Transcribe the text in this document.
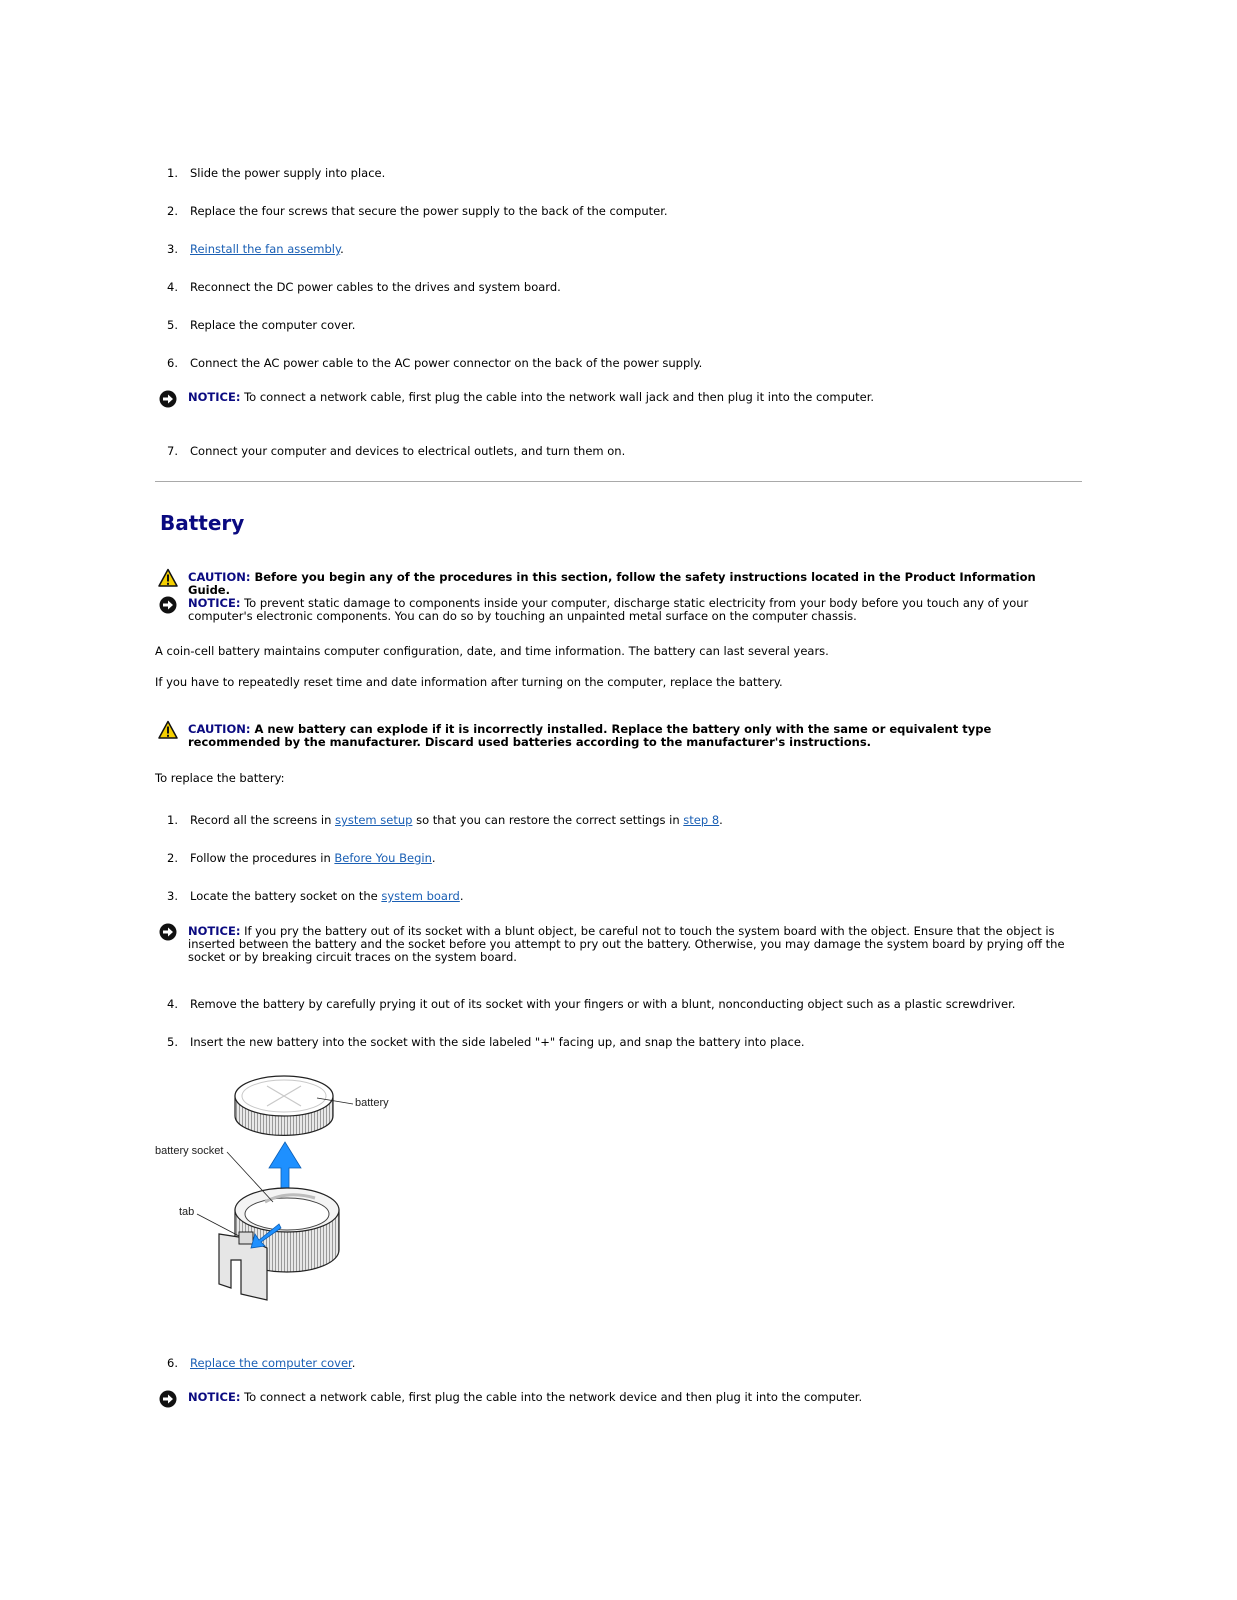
1. Slide the power supply into place.
2. Replace the four screws that secure the power supply to the back of the computer.
3. Reinstall the fan assembly.
4. Reconnect the DC power cables to the drives and system board.
5. Replace the computer cover.
6. Connect the AC power cable to the AC power connector on the back of the power supply.
NOTICE: To connect a network cable, first plug the cable into the network wall jack and then plug it into the computer.
7. Connect your computer and devices to electrical outlets, and turn them on.
Battery
CAUTION: Before you begin any of the procedures in this section, follow the safety instructions located in the Product Information Guide.
NOTICE: To prevent static damage to components inside your computer, discharge static electricity from your body before you touch any of your computer's electronic components. You can do so by touching an unpainted metal surface on the computer chassis.
A coin-cell battery maintains computer configuration, date, and time information. The battery can last several years.
If you have to repeatedly reset time and date information after turning on the computer, replace the battery.
CAUTION: A new battery can explode if it is incorrectly installed. Replace the battery only with the same or equivalent type recommended by the manufacturer. Discard used batteries according to the manufacturer's instructions.
To replace the battery:
1. Record all the screens in system setup so that you can restore the correct settings in step 8.
2. Follow the procedures in Before You Begin.
3. Locate the battery socket on the system board.
NOTICE: If you pry the battery out of its socket with a blunt object, be careful not to touch the system board with the object. Ensure that the object is inserted between the battery and the socket before you attempt to pry out the battery. Otherwise, you may damage the system board by prying off the socket or by breaking circuit traces on the system board.
4. Remove the battery by carefully prying it out of its socket with your fingers or with a blunt, nonconducting object such as a plastic screwdriver.
5. Insert the new battery into the socket with the side labeled "+" facing up, and snap the battery into place.
battery
battery socket
tab
6. Replace the computer cover.
NOTICE: To connect a network cable, first plug the cable into the network device and then plug it into the computer.
